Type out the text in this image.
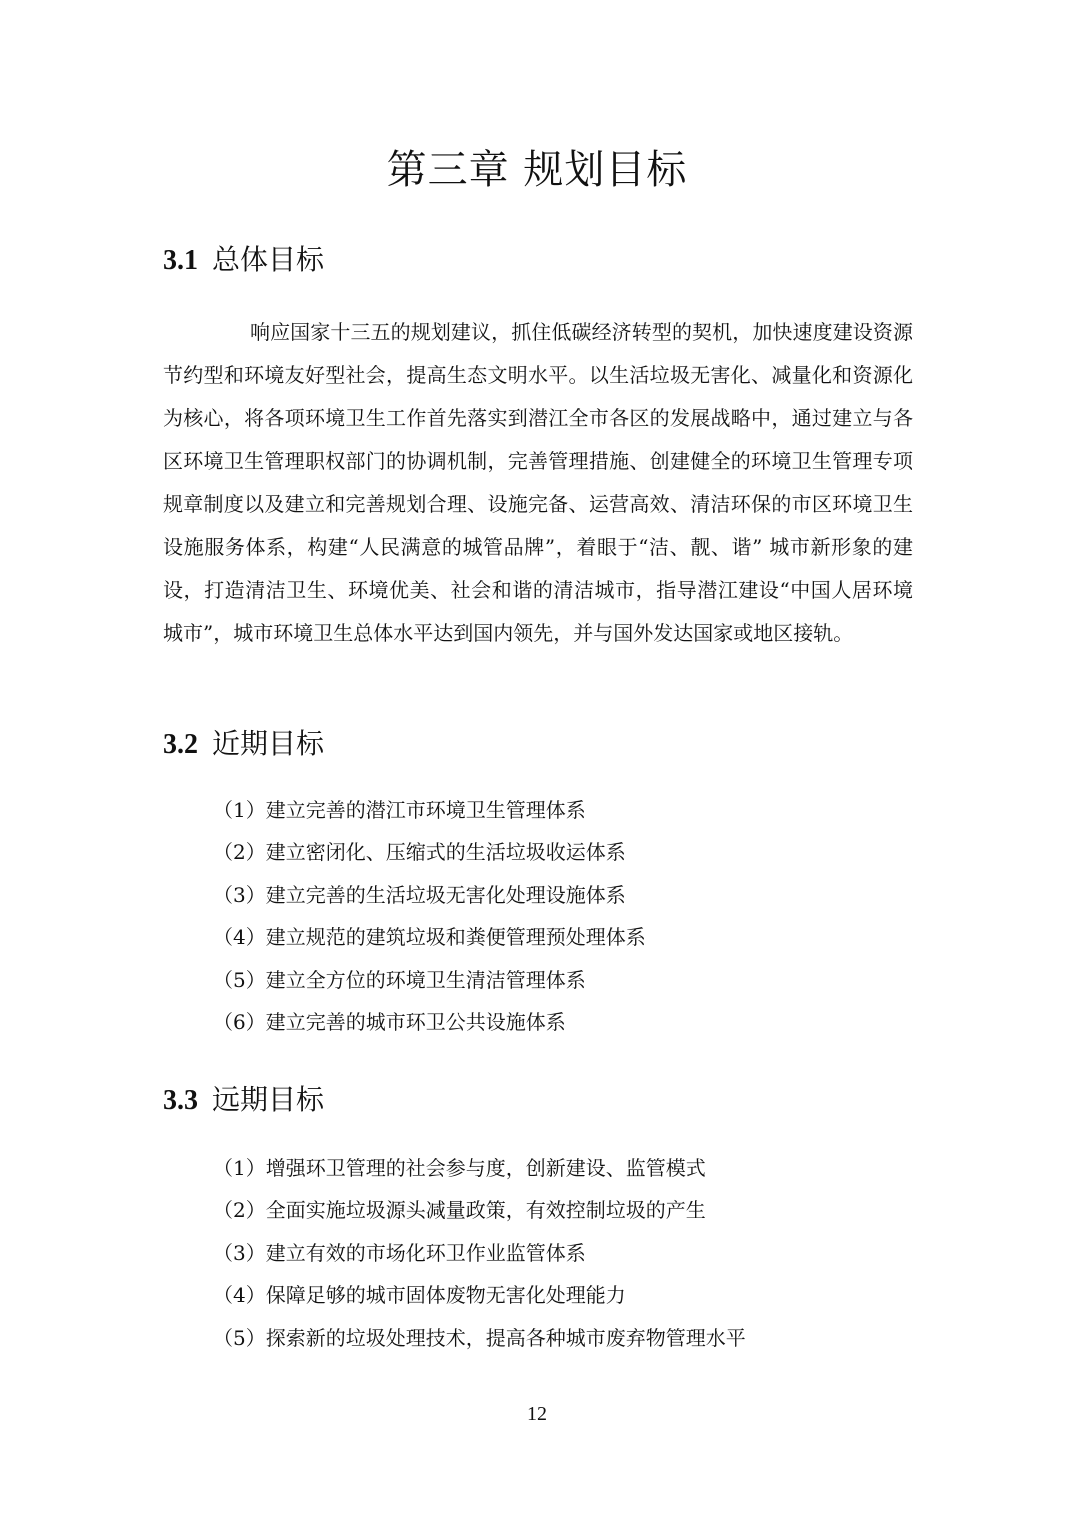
第三章 规划目标
3.1 总体目标

响应国家十三五的规划建议，抓住低碳经济转型的契机，加快速度建设资源节约型和环境友好型社会，提高生态文明水平。以生活垃圾无害化、减量化和资源化为核心，将各项环境卫生工作首先落实到潜江全市各区的发展战略中，通过建立与各区环境卫生管理职权部门的协调机制，完善管理措施、创建健全的环境卫生管理专项规章制度以及建立和完善规划合理、设施完备、运营高效、清洁环保的市区环境卫生设施服务体系，构建“人民满意的城管品牌”，着眼于“洁、靓、谐” 城市新形象的建设，打造清洁卫生、环境优美、社会和谐的清洁城市，指导潜江建设“中国人居环境城市”，城市环境卫生总体水平达到国内领先，并与国外发达国家或地区接轨。

3.2 近期目标
（1）建立完善的潜江市环境卫生管理体系
（2）建立密闭化、压缩式的生活垃圾收运体系
（3）建立完善的生活垃圾无害化处理设施体系
（4）建立规范的建筑垃圾和粪便管理预处理体系
（5）建立全方位的环境卫生清洁管理体系
（6）建立完善的城市环卫公共设施体系
3.3 远期目标
（1）增强环卫管理的社会参与度，创新建设、监管模式
（2）全面实施垃圾源头减量政策，有效控制垃圾的产生
（3）建立有效的市场化环卫作业监管体系
（4）保障足够的城市固体废物无害化处理能力
（5）探索新的垃圾处理技术，提高各种城市废弃物管理水平
12
